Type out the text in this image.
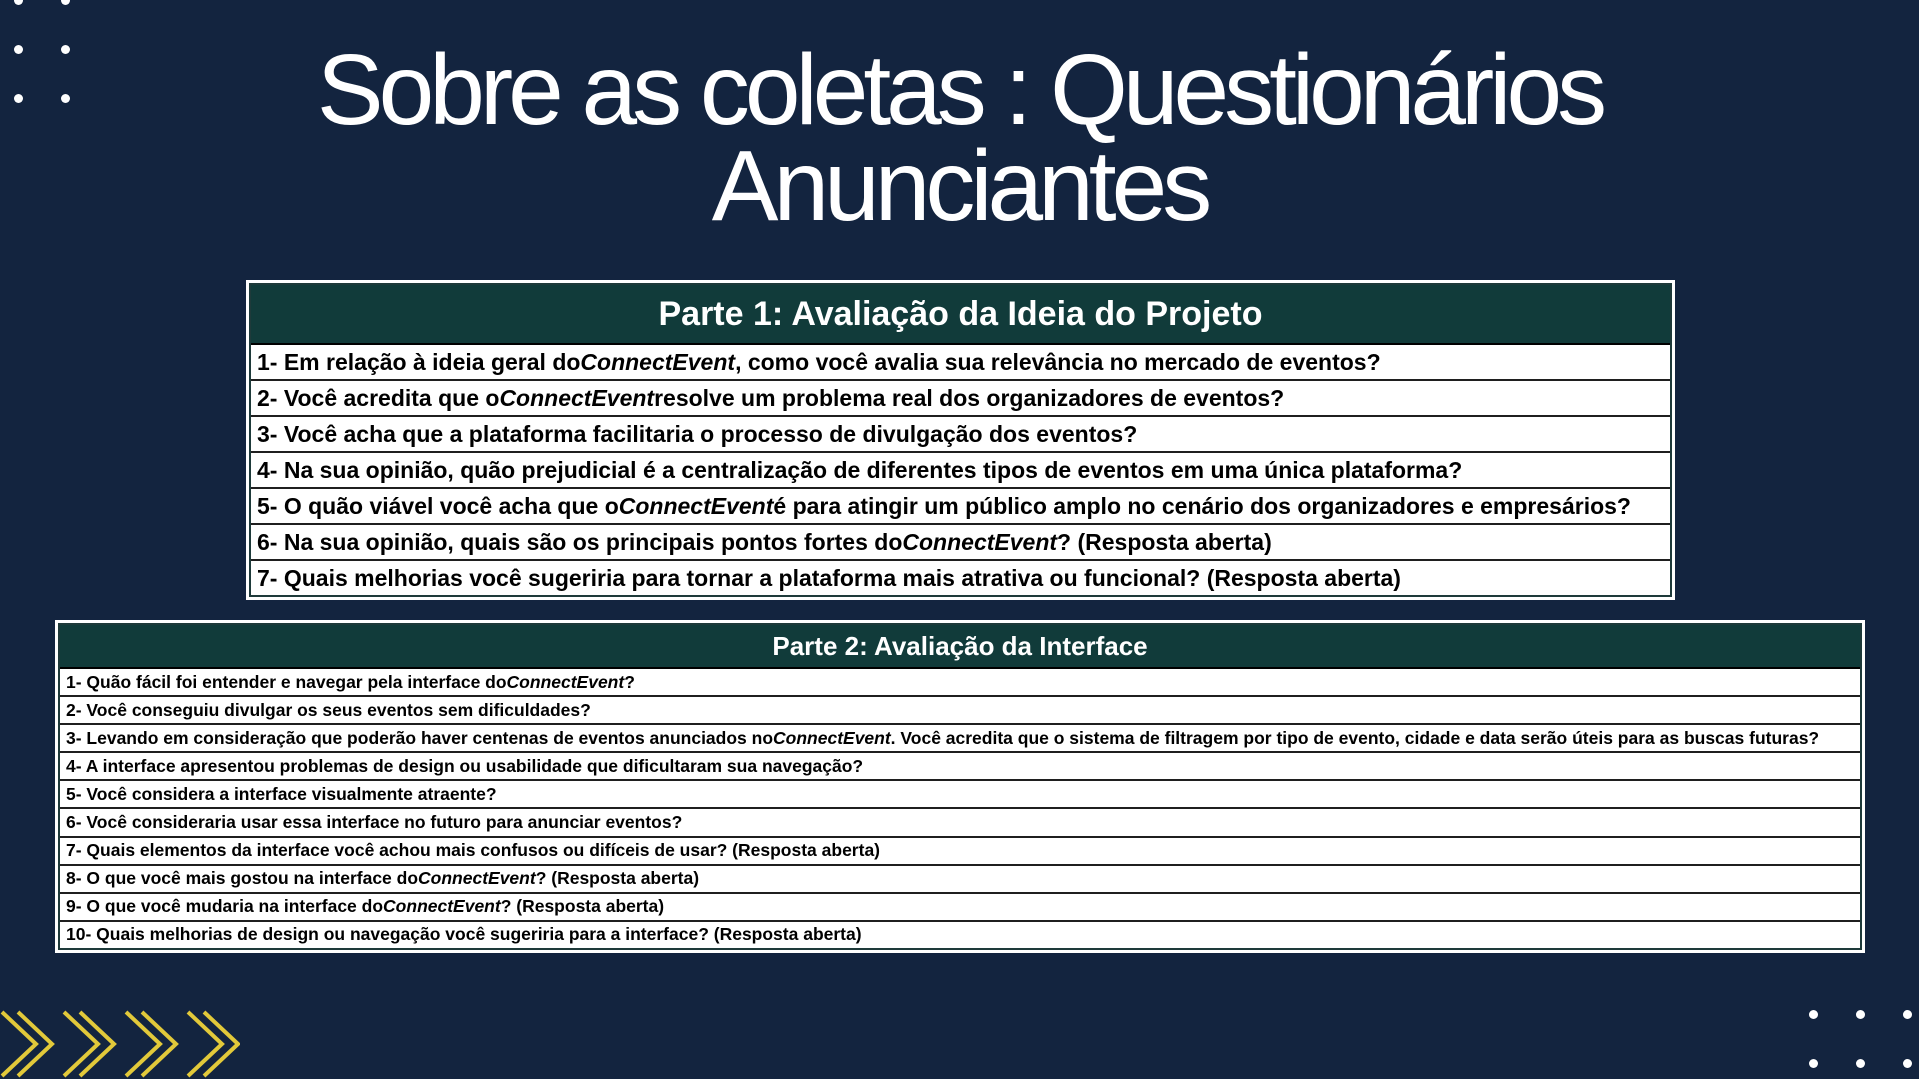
Sobre as coletas : Questionários
Anunciantes
Parte 1: Avaliação da Ideia do Projeto
1- Em relação à ideia geral do ConnectEvent , como você avalia sua relevância no mercado de eventos?
2- Você acredita que o ConnectEvent resolve um problema real dos organizadores de eventos?
3- Você acha que a plataforma facilitaria o processo de divulgação dos eventos?
4- Na sua opinião, quão prejudicial é a centralização de diferentes tipos de eventos em uma única plataforma?
5- O quão viável você acha que o ConnectEvent é para atingir um público amplo no cenário dos organizadores e empresários?
6- Na sua opinião, quais são os principais pontos fortes do ConnectEvent ? (Resposta aberta)
7- Quais melhorias você sugeriria para tornar a plataforma mais atrativa ou funcional? (Resposta aberta)
Parte 2: Avaliação da Interface
1- Quão fácil foi entender e navegar pela interface do ConnectEvent ?
2- Você conseguiu divulgar os seus eventos sem dificuldades?
3- Levando em consideração que poderão haver centenas de eventos anunciados no ConnectEvent . Você acredita que o sistema de filtragem por tipo de evento, cidade e data serão úteis para as buscas futuras?
4- A interface apresentou problemas de design ou usabilidade que dificultaram sua navegação?
5- Você considera a interface visualmente atraente?
6- Você consideraria usar essa interface no futuro para anunciar eventos?
7- Quais elementos da interface você achou mais confusos ou difíceis de usar? (Resposta aberta)
8- O que você mais gostou na interface do ConnectEvent ? (Resposta aberta)
9- O que você mudaria na interface do ConnectEvent ? (Resposta aberta)
10- Quais melhorias de design ou navegação você sugeriria para a interface? (Resposta aberta)
